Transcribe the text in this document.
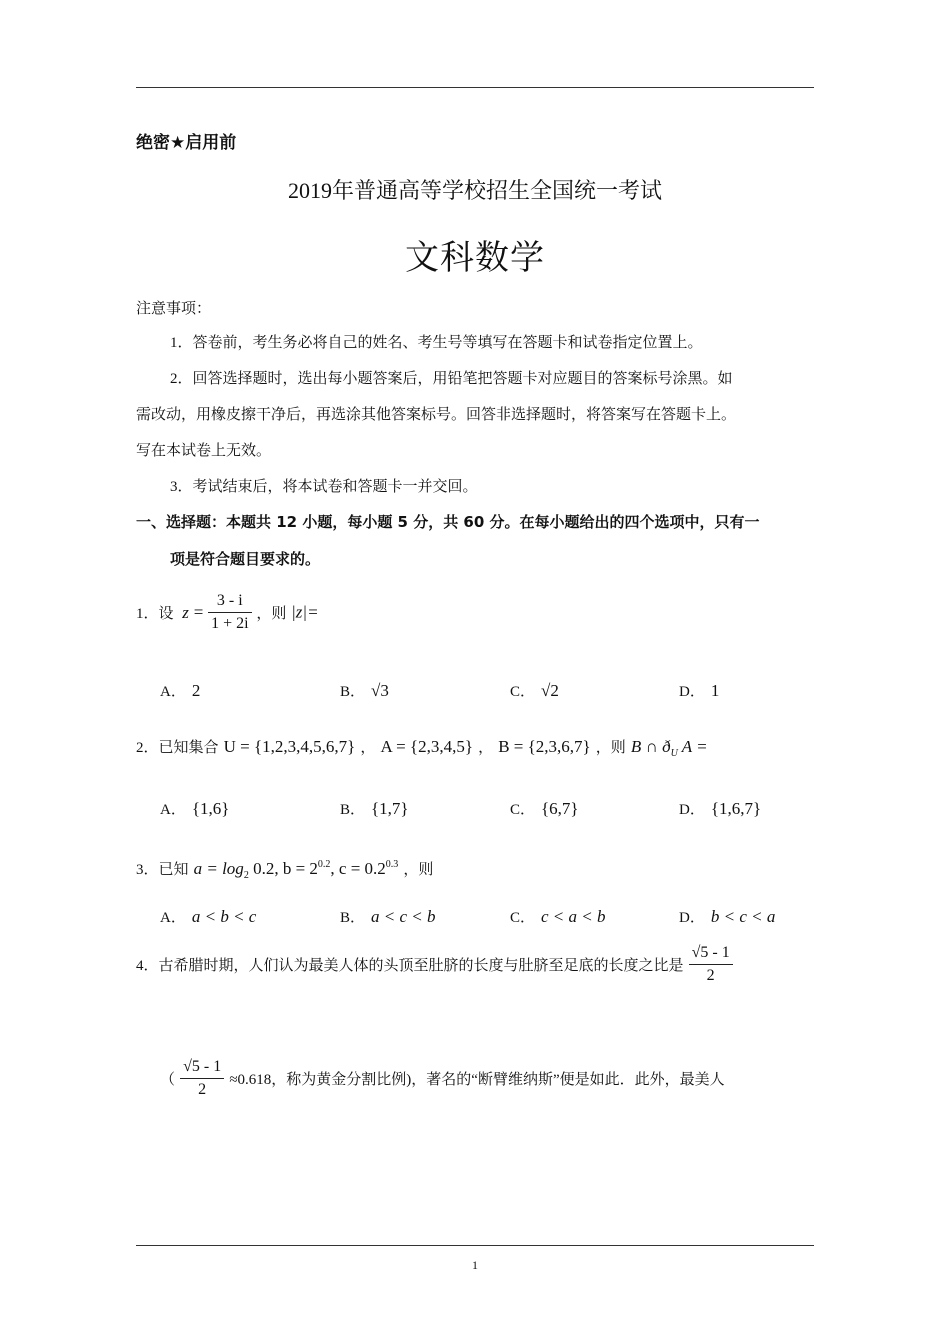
绝密★启用前
2019年普通高等学校招生全国统一考试
文科数学
注意事项：
1．答卷前，考生务必将自己的姓名、考生号等填写在答题卡和试卷指定位置上。
2．回答选择题时，选出每小题答案后，用铅笔把答题卡对应题目的答案标号涂黑。如
需改动，用橡皮擦干净后，再选涂其他答案标号。回答非选择题时，将答案写在答题卡上。
写在本试卷上无效。
3．考试结束后，将本试卷和答题卡一并交回。
一、选择题：本题共 12 小题，每小题 5 分，共 60 分。在每小题给出的四个选项中，只有一
项是符合题目要求的。
1．设 $z = \frac{3 - i}{1 + 2i}$ ，则 |z|=
A． 2	B． √3	C． √2	D． 1
2．已知集合 U = {1,2,3,4,5,6,7} ， A = {2,3,4,5} ， B = {2,3,6,7} ，则 B ∩ $ð_U$ A =
A． {1,6}	B． {1,7}	C． {6,7}	D． {1,6,7}
3．已知 $a = \log_2 0.2$, $b = 2^{0.2}$, $c = 0.2^{0.3}$ ，则
A． a < b < c	B． a < c < b	C． c < a < b	D． b < c < a
4．古希腊时期，人们认为最美人体的头顶至肚脐的长度与肚脐至足底的长度之比是 $\frac{√5 - 1}{2}$
（ $\frac{√5 - 1}{2} \approx 0.618$，称为黄金分割比例)，著名的“断臂维纳斯”便是如此．此外，最美人
1
